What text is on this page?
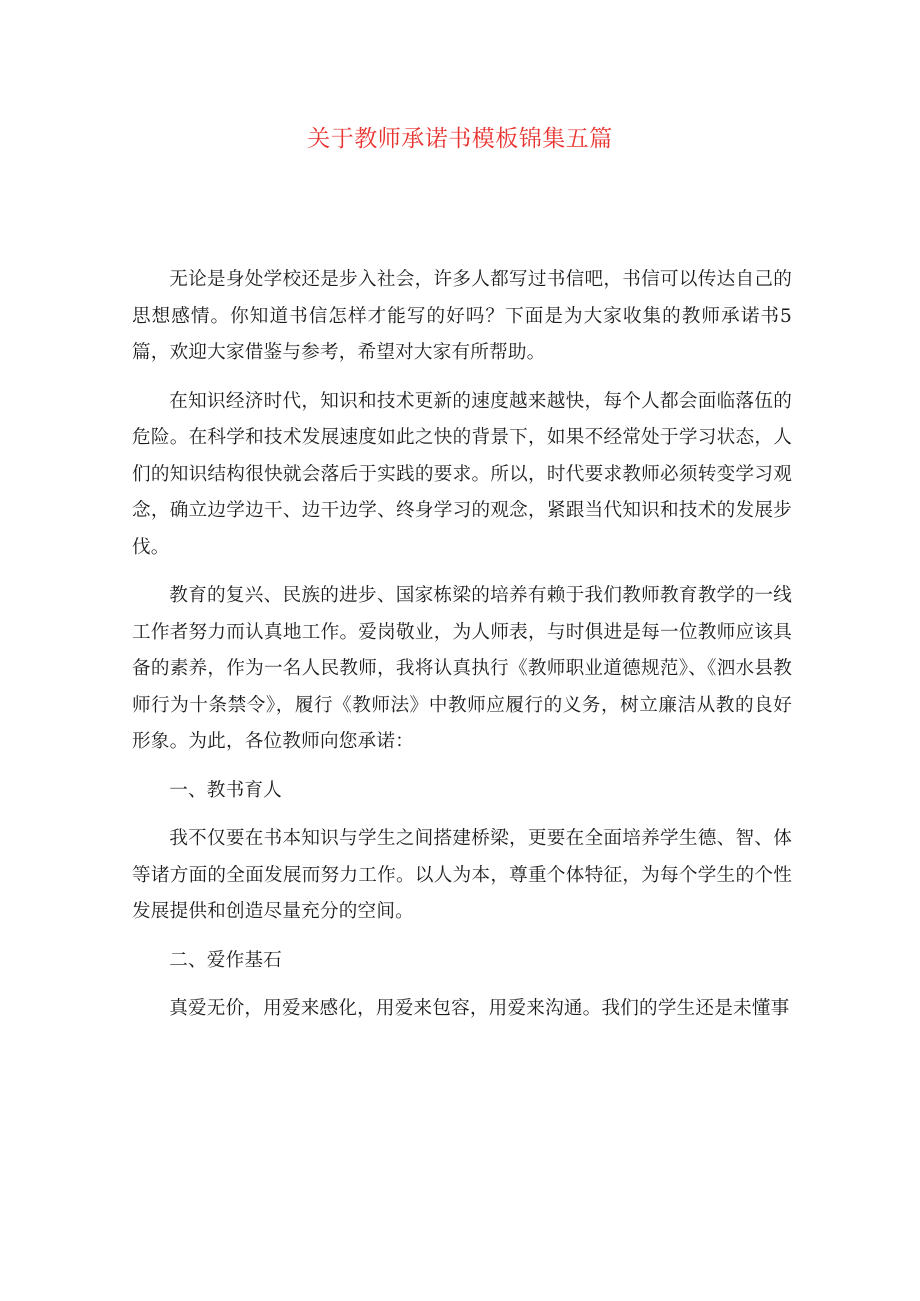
关于教师承诺书模板锦集五篇

无论是身处学校还是步入社会，许多人都写过书信吧，书信可以传达自己的思想感情。你知道书信怎样才能写的好吗？下面是为大家收集的教师承诺书5篇，欢迎大家借鉴与参考，希望对大家有所帮助。

在知识经济时代，知识和技术更新的速度越来越快，每个人都会面临落伍的危险。在科学和技术发展速度如此之快的背景下，如果不经常处于学习状态，人们的知识结构很快就会落后于实践的要求。所以，时代要求教师必须转变学习观念，确立边学边干、边干边学、终身学习的观念，紧跟当代知识和技术的发展步伐。

教育的复兴、民族的进步、国家栋梁的培养有赖于我们教师教育教学的一线工作者努力而认真地工作。爱岗敬业，为人师表，与时俱进是每一位教师应该具备的素养，作为一名人民教师，我将认真执行《教师职业道德规范》、《泗水县教师行为十条禁令》，履行《教师法》中教师应履行的义务，树立廉洁从教的良好形象。为此，各位教师向您承诺：

一、教书育人

我不仅要在书本知识与学生之间搭建桥梁，更要在全面培养学生德、智、体等诸方面的全面发展而努力工作。以人为本，尊重个体特征，为每个学生的个性发展提供和创造尽量充分的空间。

二、爱作基石

真爱无价，用爱来感化，用爱来包容，用爱来沟通。我们的学生还是未懂事
